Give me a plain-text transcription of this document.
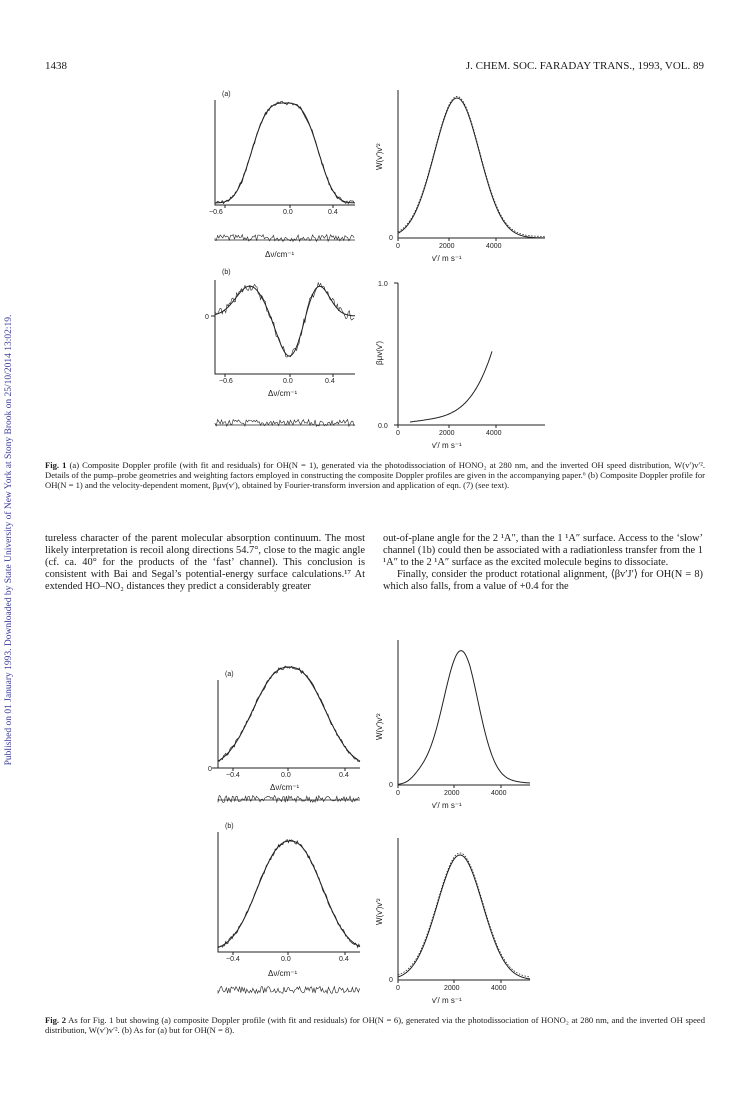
Published on 01 January 1993. Downloaded by State University of New York at Stony Brook on 25/10/2014 13:02:19.
1438	J. CHEM. SOC. FARADAY TRANS., 1993, VOL. 89
(a)
−0.6	0.0	0.4
Δν/cm⁻¹
(b)
0
−0.6	0.0	0.4
Δν/cm⁻¹
W(v′)v′²
0
0	2000	4000
v′/ m s⁻¹
1.0
0.0
βμv(v′)
0	2000	4000
v′/ m s⁻¹
Fig. 1 (a) Composite Doppler profile (with fit and residuals) for OH(N = 1), generated via the photodissociation of HONO₂ at 280 nm, and the inverted OH speed distribution, W(v′)v′². Details of the pump–probe geometries and weighting factors employed in constructing the composite Doppler profiles are given in the accompanying paper.⁶ (b) Composite Doppler profile for OH(N = 1) and the velocity-dependent moment, βμv(v′), obtained by Fourier-transform inversion and application of eqn. (7) (see text).

tureless character of the parent molecular absorption continuum. The most likely interpretation is recoil along directions 54.7°, close to the magic angle (cf. ca. 40° for the products of the ‘fast’ channel). This conclusion is consistent with Bai and Segal’s potential-energy surface calculations.¹⁷ At extended HO–NO₂ distances they predict a considerably greater

out-of-plane angle for the 2 ¹A″, than the 1 ¹A″ surface. Access to the ‘slow’ channel (1b) could then be associated with a radiationless transfer from the 1 ¹A″ to the 2 ¹A″ surface as the excited molecule begins to dissociate.

Finally, consider the product rotational alignment, ⟨βv′J′⟩ for OH(N = 8) which also falls, from a value of +0.4 for the

(a)
0
−0.4	0.0	0.4
Δν/cm⁻¹
(b)
−0.4	0.0	0.4
Δν/cm⁻¹
W(v′)v′²
0
0	2000	4000
v′/ m s⁻¹
W(v′)v′²
0
0	2000	4000
v′/ m s⁻¹
Fig. 2 As for Fig. 1 but showing (a) composite Doppler profile (with fit and residuals) for OH(N = 6), generated via the photodissociation of HONO₂ at 280 nm, and the inverted OH speed distribution, W(v′)v′². (b) As for (a) but for OH(N = 8).
